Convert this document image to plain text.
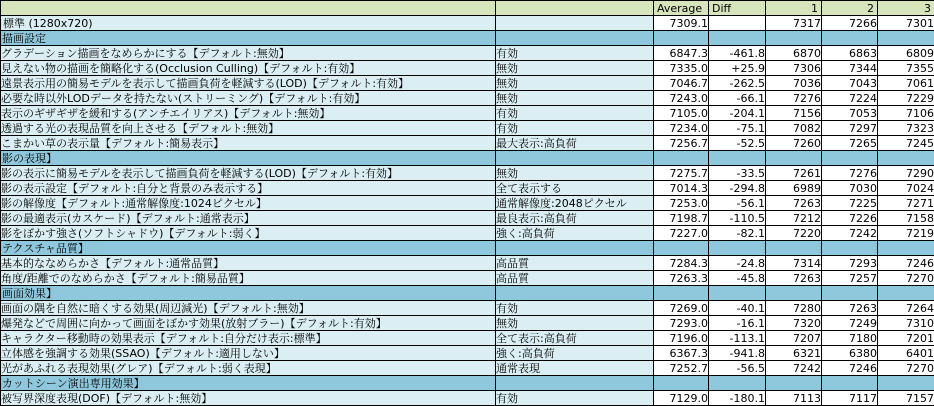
		Average	Diff	1	2	3
標準 (1280x720)		7309.1		7317	7266	7301
描画設定						
グラデーション描画をなめらかにする【デフォルト:無効】	有効	6847.3	-461.8	6870	6863	6809
見えない物の描画を簡略化する(Occlusion Culling)【デフォルト:有効】	無効	7335.0	+25.9	7306	7344	7355
遠景表示用の簡易モデルを表示して描画負荷を軽減する(LOD)【デフォルト:有効】	無効	7046.7	-262.5	7036	7043	7061
必要な時以外LODデータを持たない(ストリーミング)【デフォルト:有効】	無効	7243.0	-66.1	7276	7224	7229
表示のギザギザを緩和する(アンチエイリアス)【デフォルト:無効】	有効	7105.0	-204.1	7156	7053	7106
透過する光の表現品質を向上させる【デフォルト:無効】	有効	7234.0	-75.1	7082	7297	7323
こまかい草の表示量【デフォルト:簡易表示】	最大表示:高負荷	7256.7	-52.5	7260	7265	7245
影の表現】						
影の表示に簡易モデルを表示して描画負荷を軽減する(LOD)【デフォルト:有効】	無効	7275.7	-33.5	7261	7276	7290
影の表示設定【デフォルト:自分と背景のみ表示する】	全て表示する	7014.3	-294.8	6989	7030	7024
影の解像度【デフォルト:通常解像度:1024ピクセル】	通常解像度:2048ピクセル	7253.0	-56.1	7263	7225	7271
影の最適表示(カスケード)【デフォルト:通常表示】	最良表示:高負荷	7198.7	-110.5	7212	7226	7158
影をぼかす強さ(ソフトシャドウ)【デフォルト:弱く】	強く:高負荷	7227.0	-82.1	7220	7242	7219
テクスチャ品質】						
基本的ななめらかさ【デフォルト:通常品質】	高品質	7284.3	-24.8	7314	7293	7246
角度/距離でのなめらかさ【デフォルト:簡易品質】	高品質	7263.3	-45.8	7263	7257	7270
画面効果】						
画面の隅を自然に暗くする効果(周辺減光)【デフォルト:無効】	有効	7269.0	-40.1	7280	7263	7264
爆発などで周囲に向かって画面をぼかす効果(放射ブラー)【デフォルト:有効】	無効	7293.0	-16.1	7320	7249	7310
キャラクター移動時の効果表示【デフォルト:自分だけ表示:標準】	全て表示:高負荷	7196.0	-113.1	7207	7180	7201
立体感を強調する効果(SSAO)【デフォルト:適用しない】	強く:高負荷	6367.3	-941.8	6321	6380	6401
光があふれる表現効果(グレア)【デフォルト:弱く表現】	通常表現	7252.7	-56.5	7242	7246	7270
カットシーン演出専用効果】						
被写界深度表現(DOF)【デフォルト:無効】	有効	7129.0	-180.1	7113	7117	7157
